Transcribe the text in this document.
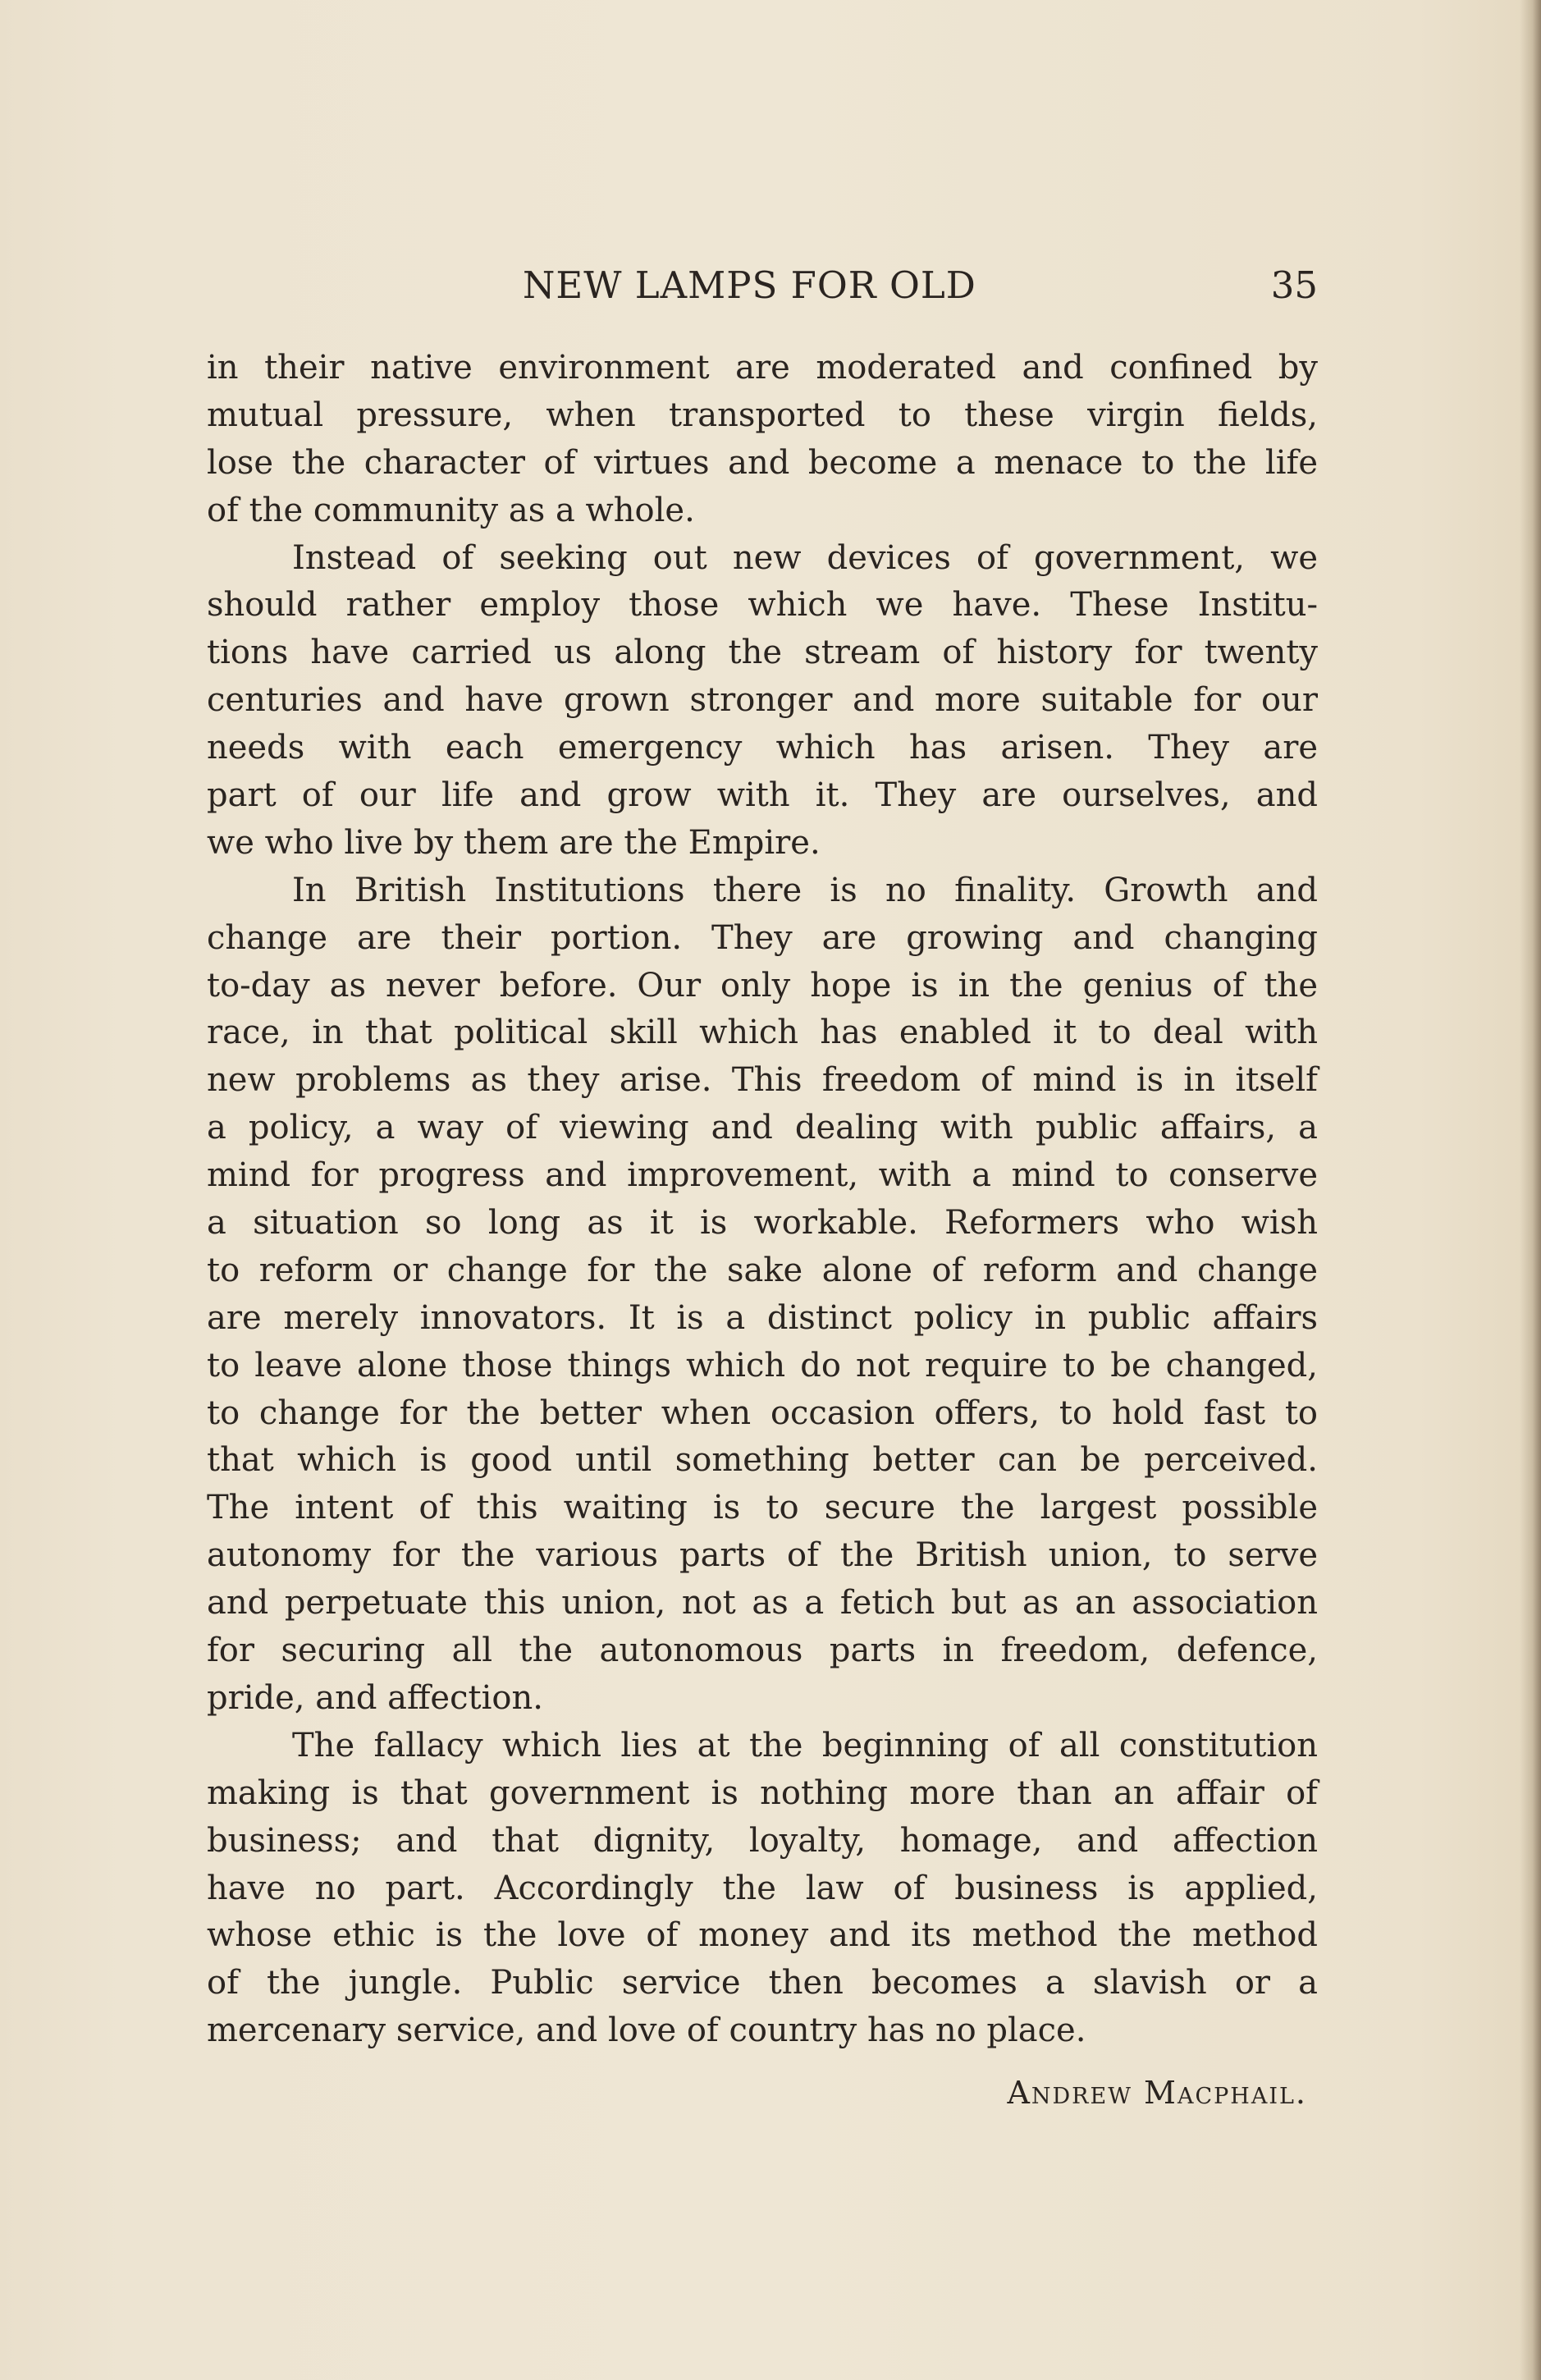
NEW LAMPS FOR OLD	35
in their native environment are moderated and confined by
mutual pressure, when transported to these virgin fields,
lose the character of virtues and become a menace to the life
of the community as a whole.
Instead of seeking out new devices of government, we
should rather employ those which we have. These Institu-
tions have carried us along the stream of history for twenty
centuries and have grown stronger and more suitable for our
needs with each emergency which has arisen. They are
part of our life and grow with it. They are ourselves, and
we who live by them are the Empire.
In British Institutions there is no finality. Growth and
change are their portion. They are growing and changing
to-day as never before. Our only hope is in the genius of the
race, in that political skill which has enabled it to deal with
new problems as they arise. This freedom of mind is in itself
a policy, a way of viewing and dealing with public affairs, a
mind for progress and improvement, with a mind to conserve
a situation so long as it is workable. Reformers who wish
to reform or change for the sake alone of reform and change
are merely innovators. It is a distinct policy in public affairs
to leave alone those things which do not require to be changed,
to change for the better when occasion offers, to hold fast to
that which is good until something better can be perceived.
The intent of this waiting is to secure the largest possible
autonomy for the various parts of the British union, to serve
and perpetuate this union, not as a fetich but as an association
for securing all the autonomous parts in freedom, defence,
pride, and affection.
The fallacy which lies at the beginning of all constitution
making is that government is nothing more than an affair of
business; and that dignity, loyalty, homage, and affection
have no part. Accordingly the law of business is applied,
whose ethic is the love of money and its method the method
of the jungle. Public service then becomes a slavish or a
mercenary service, and love of country has no place.
Andrew Macphail.
